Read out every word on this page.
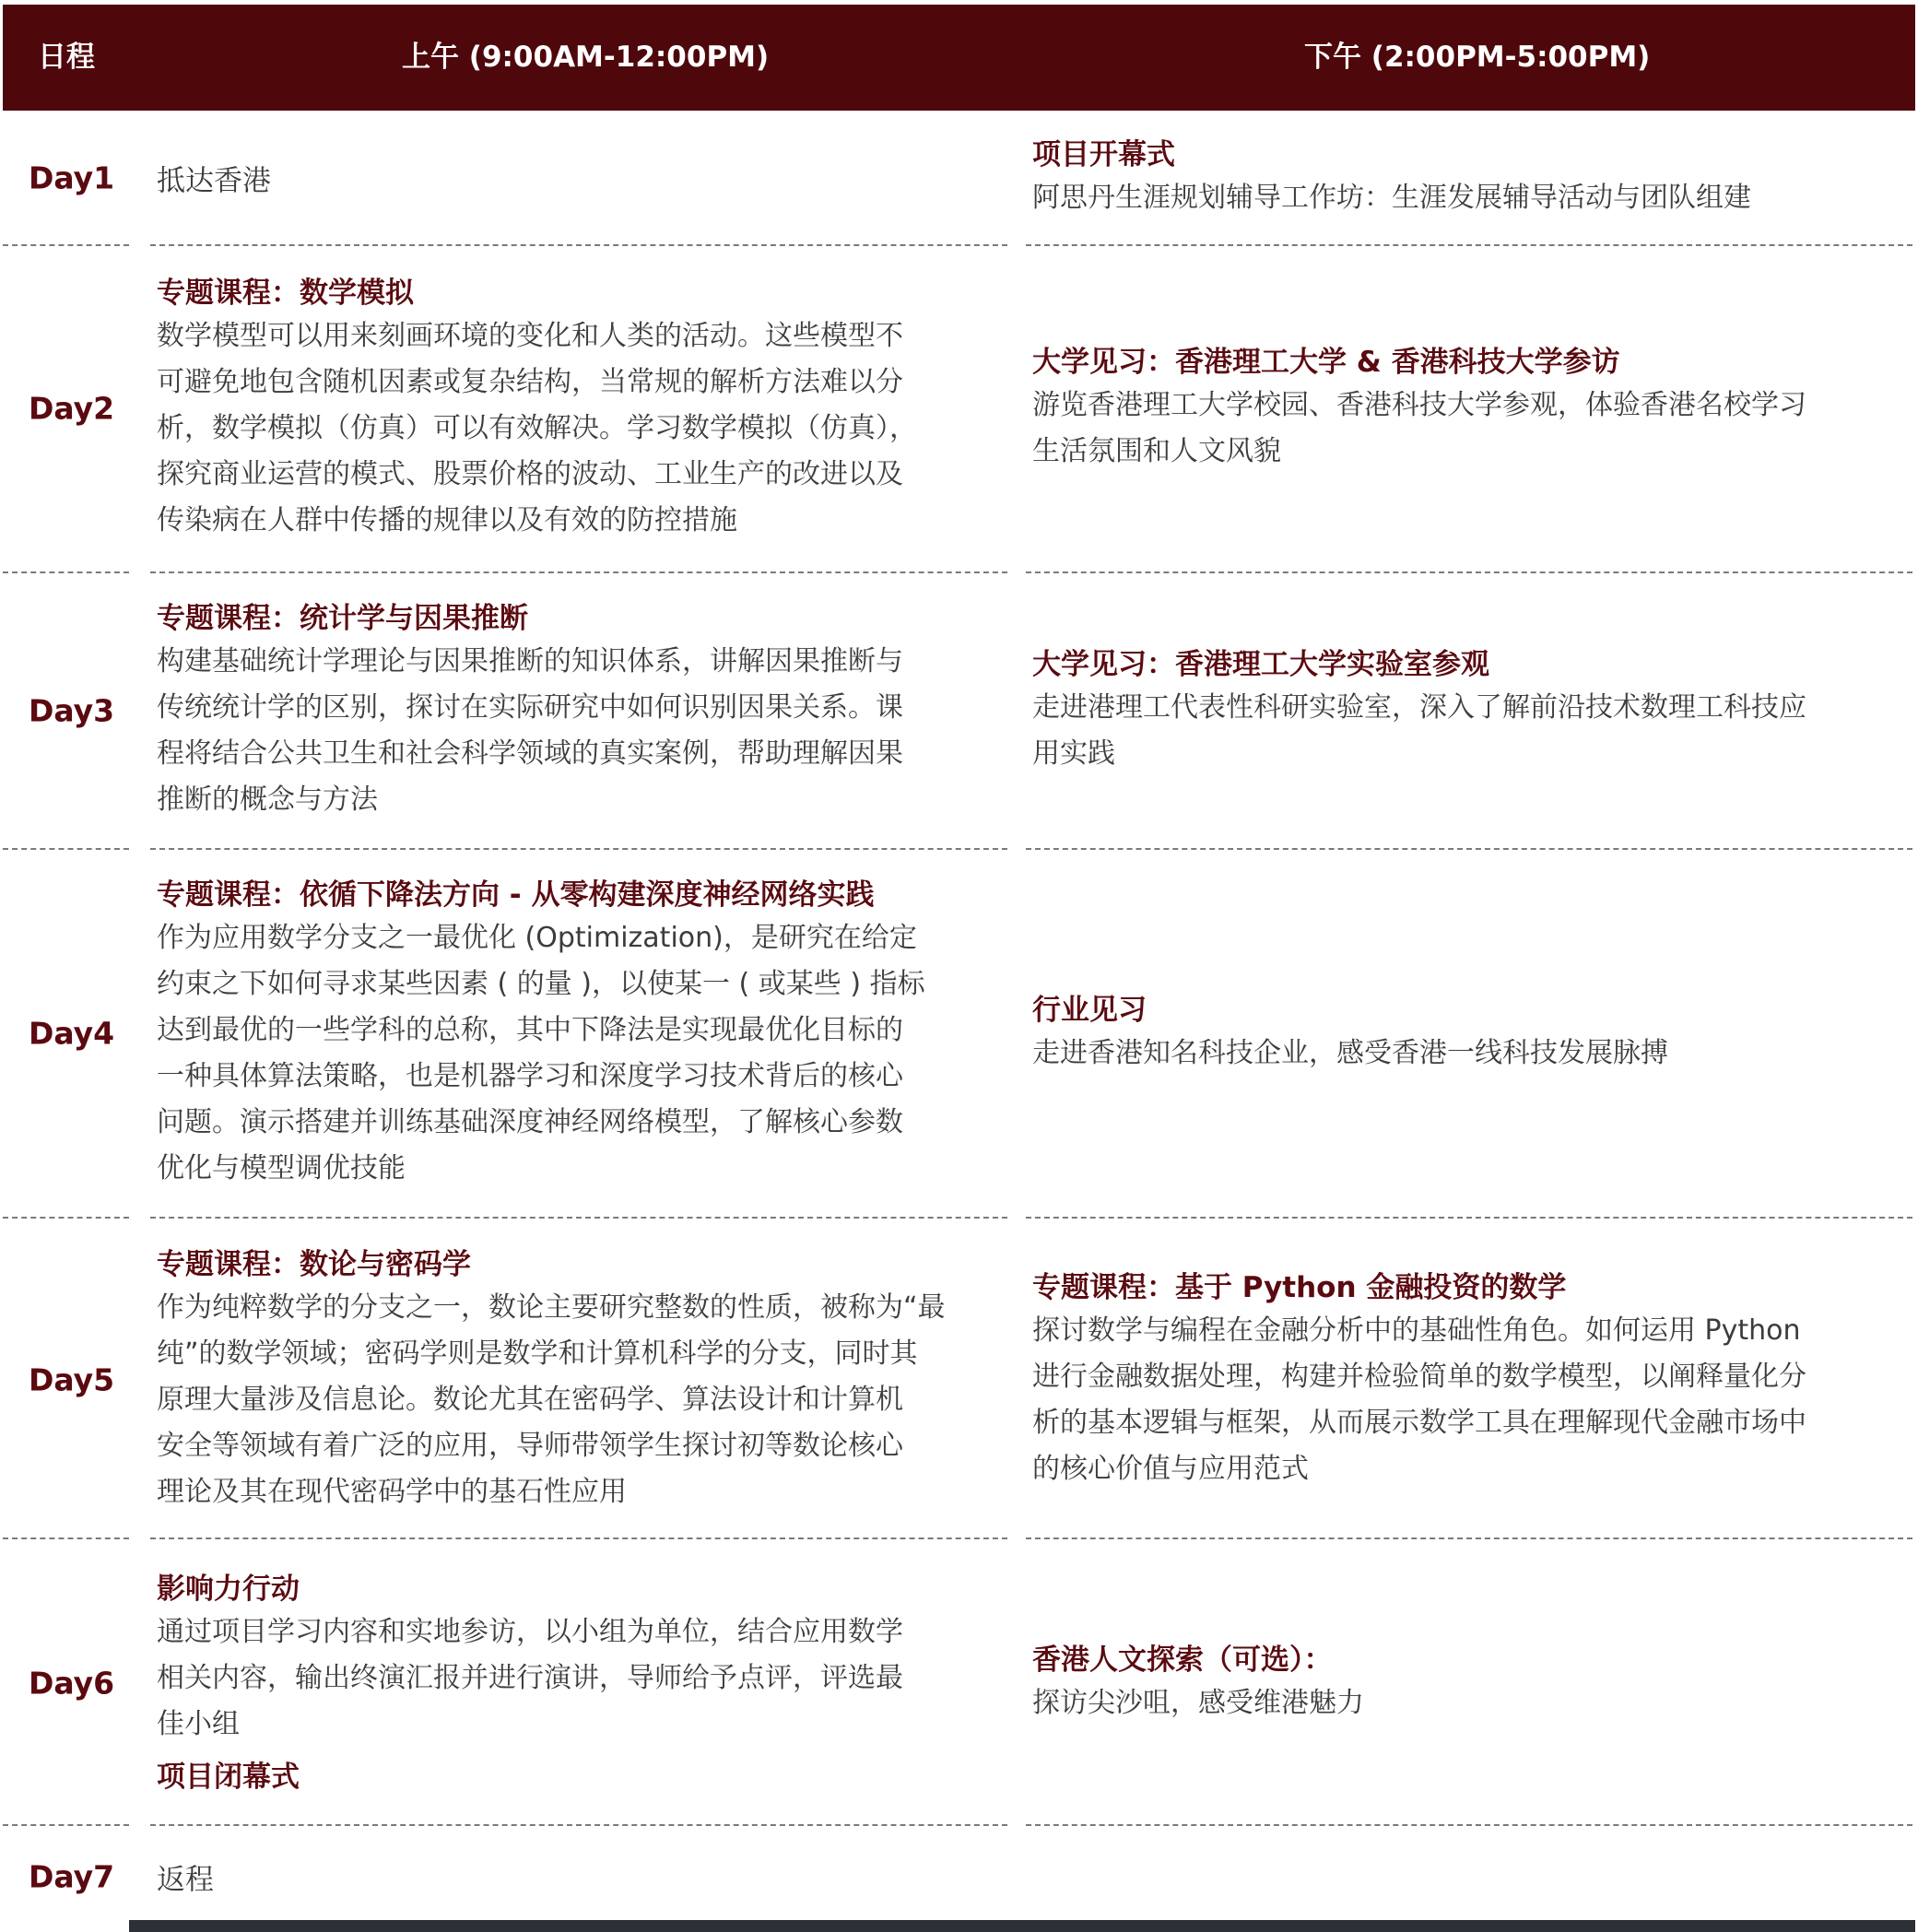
日程	上午 (9:00AM-12:00PM)	下午 (2:00PM-5:00PM)
Day1 抵达香港
项目开幕式
阿思丹生涯规划辅导工作坊：生涯发展辅导活动与团队组建
Day2
专题课程：数学模拟
数学模型可以用来刻画环境的变化和人类的活动。这些模型不
可避免地包含随机因素或复杂结构，当常规的解析方法难以分
析，数学模拟（仿真）可以有效解决。学习数学模拟（仿真），
探究商业运营的模式、股票价格的波动、工业生产的改进以及
传染病在人群中传播的规律以及有效的防控措施
大学见习：香港理工大学 & 香港科技大学参访
游览香港理工大学校园、香港科技大学参观，体验香港名校学习
生活氛围和人文风貌
Day3
专题课程：统计学与因果推断
构建基础统计学理论与因果推断的知识体系，讲解因果推断与
传统统计学的区别，探讨在实际研究中如何识别因果关系。课
程将结合公共卫生和社会科学领域的真实案例，帮助理解因果
推断的概念与方法
大学见习：香港理工大学实验室参观
走进港理工代表性科研实验室，深入了解前沿技术数理工科技应
用实践
Day4
专题课程：依循下降法方向 - 从零构建深度神经网络实践
作为应用数学分支之一最优化 (Optimization)，是研究在给定
约束之下如何寻求某些因素 ( 的量 )，以使某一 ( 或某些 ) 指标
达到最优的一些学科的总称，其中下降法是实现最优化目标的
一种具体算法策略，也是机器学习和深度学习技术背后的核心
问题。演示搭建并训练基础深度神经网络模型，了解核心参数
优化与模型调优技能
行业见习
走进香港知名科技企业，感受香港一线科技发展脉搏
Day5
专题课程：数论与密码学
作为纯粹数学的分支之一，数论主要研究整数的性质，被称为“最
纯”的数学领域；密码学则是数学和计算机科学的分支，同时其
原理大量涉及信息论。数论尤其在密码学、算法设计和计算机
安全等领域有着广泛的应用，导师带领学生探讨初等数论核心
理论及其在现代密码学中的基石性应用
专题课程：基于 Python 金融投资的数学
探讨数学与编程在金融分析中的基础性角色。如何运用 Python
进行金融数据处理，构建并检验简单的数学模型，以阐释量化分
析的基本逻辑与框架，从而展示数学工具在理解现代金融市场中
的核心价值与应用范式
Day6
影响力行动
通过项目学习内容和实地参访，以小组为单位，结合应用数学
相关内容，输出终演汇报并进行演讲，导师给予点评，评选最
佳小组
项目闭幕式
香港人文探索（可选）：
探访尖沙咀，感受维港魅力
Day7 返程
